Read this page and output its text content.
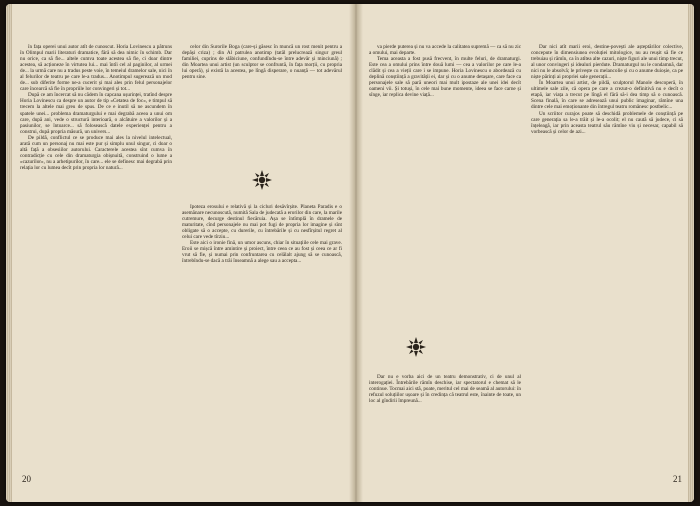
în fața operei unui autor atît de cunoscut. Horia Lovinescu a pătruns în Olimpul marii literaturi dramatice, fără să dea nimic în schimb. Dar nu orice, ca să fie... altele cumva toate acestea să fie, ci doar dintre acestea, să acționeze în virtutea lui... mai întîi cel al paginilor, al urmei de... la urmă care nu a tradus peste voie, în temeiul dramelor sale, nici în al felurilor de teatru pe care le-a tradus... Anotimpul sugerează un mod de... sub diferite forme ne-a cucerit și mai ales prin felul personajelor care încearcă să fie în propriile lor convingeri și tot...

După ce am încercat să nu cădem în capcana ușurinței, tratînd despre Horia Lovinescu ca despre un autor de tip «Cetatea de foc», e timpul să trecem la altele mai greu de spus. De ce e inutil să ne ascundem în spatele unei... problema dramaturgului e mai degrabă aceea a unui om care, după ani, vede o structură interioară, o alcătuire a valorilor și a pasiunilor, se întoarce... să folosească datele experienței pentru a construi, după propria măsură, un univers...

De pildă, conflictul ce se produce mai ales la nivelul intelectual, arată cum un personaj nu mai este pur și simplu unul singur, ci doar o altă față a obsesiilor autorului. Caracterele acestea sînt cumva în contradicție cu cele din dramaturgia obișnuită, construind o lume a «cazurilor», nu a arhetipurilor, în care... ele se definesc mai degrabă prin relația lor cu lumea decît prin propria lor natură...

celor din Surorile Boga (care-și găsesc în muncă un rost menit pentru a depăși criza) ; din Al patrulea anotimp (tatăl prelucrează singur greul familiei, cuprins de slăbiciune, confundîndu-se între adevăr și minciună) ; din Moartea unui artist (un sculptor se confruntă, în fața morții, cu propria lui operă), și există la acestea, pe lîngă disperare, o nuanță — tot adevărul pentru sine.

Ipoteza erosului e relativă și la cicluri desăvîrșite. Planeta Paradis e o asemănare necunoscută, numită Sala de judecată a erorilor din care, la marile cutremure, decurge destinul fiecăruia. Așa se întîmplă în dramele de maturitate, cînd personajele nu mai pot fugi de propria lor imagine și sînt obligate să o accepte, cu durerile, cu întrebările și cu nesfîrșitul regret al celui care vede tîrziu...

Este aici o ironie fină, un umor ascuns, chiar în situațiile cele mai grave. Eroii se mișcă între amintire și proiect, între ceea ce au fost și ceea ce ar fi vrut să fie, și numai prin confruntarea cu celălalt ajung să se cunoască, întrebîndu-se dacă a trăi înseamnă a alege sau a accepta...

20

va pierde puterea și nu va accede la calitatea supremă — ca să nu zic a omului, mai departe.

Tema aceasta a fost pusă frecvent, în multe feluri, de dramaturgi. Este cea a omului prins între două lumi — cea a valorilor pe care le-a clădit și cea a vieții care i se impune. Horia Lovinescu o abordează cu deplină conștiință a gravității ei, dar și cu o anume detașare, care face ca personajele sale să pară uneori mai mult ipostaze ale unei idei decît oameni vii. Și totuși, în cele mai bune momente, ideea se face carne și sînge, iar replica devine viață...

Dar nu e vorba aici de un teatru demonstrativ, ci de unul al interogației. Întrebările rămîn deschise, iar spectatorul e chemat să le continue. Tocmai aici stă, poate, meritul cel mai de seamă al autorului: în refuzul soluțiilor ușoare și în credința că teatrul este, înainte de toate, un loc al gîndirii împreună...

Dar nici atît marii eroi, destine-povești ale așteptărilor colective, concepute în dimensiunea evoluției mitologice, nu au reușit să fie ce trebuiau și rămîn, ca în atîtea alte cazuri, niște figuri ale unui timp trecut, al unor convingeri și idealuri pierdute. Dramaturgul nu le condamnă, dar nici nu le absolvă; le privește cu melancolie și cu o anume duioșie, ca pe niște părinți ai propriei sale generații...

În Moartea unui artist, de pildă, sculptorul Manole descoperă, în ultimele sale zile, că opera pe care a crezut-o definitivă nu e decît o etapă, iar viața a trecut pe lîngă el fără să-i dea timp să o cunoască. Scena finală, în care se adresează unui public imaginar, rămîne una dintre cele mai emoționante din întregul teatru românesc postbelic...

Un scriitor curajos poate să deschidă problemele de conștiință pe care generația sa le-a trăit și le-a ocolit; el nu caută să judece, ci să înțeleagă, iar prin aceasta teatrul său rămîne viu și necesar, capabil să vorbească și celor de azi...

21
